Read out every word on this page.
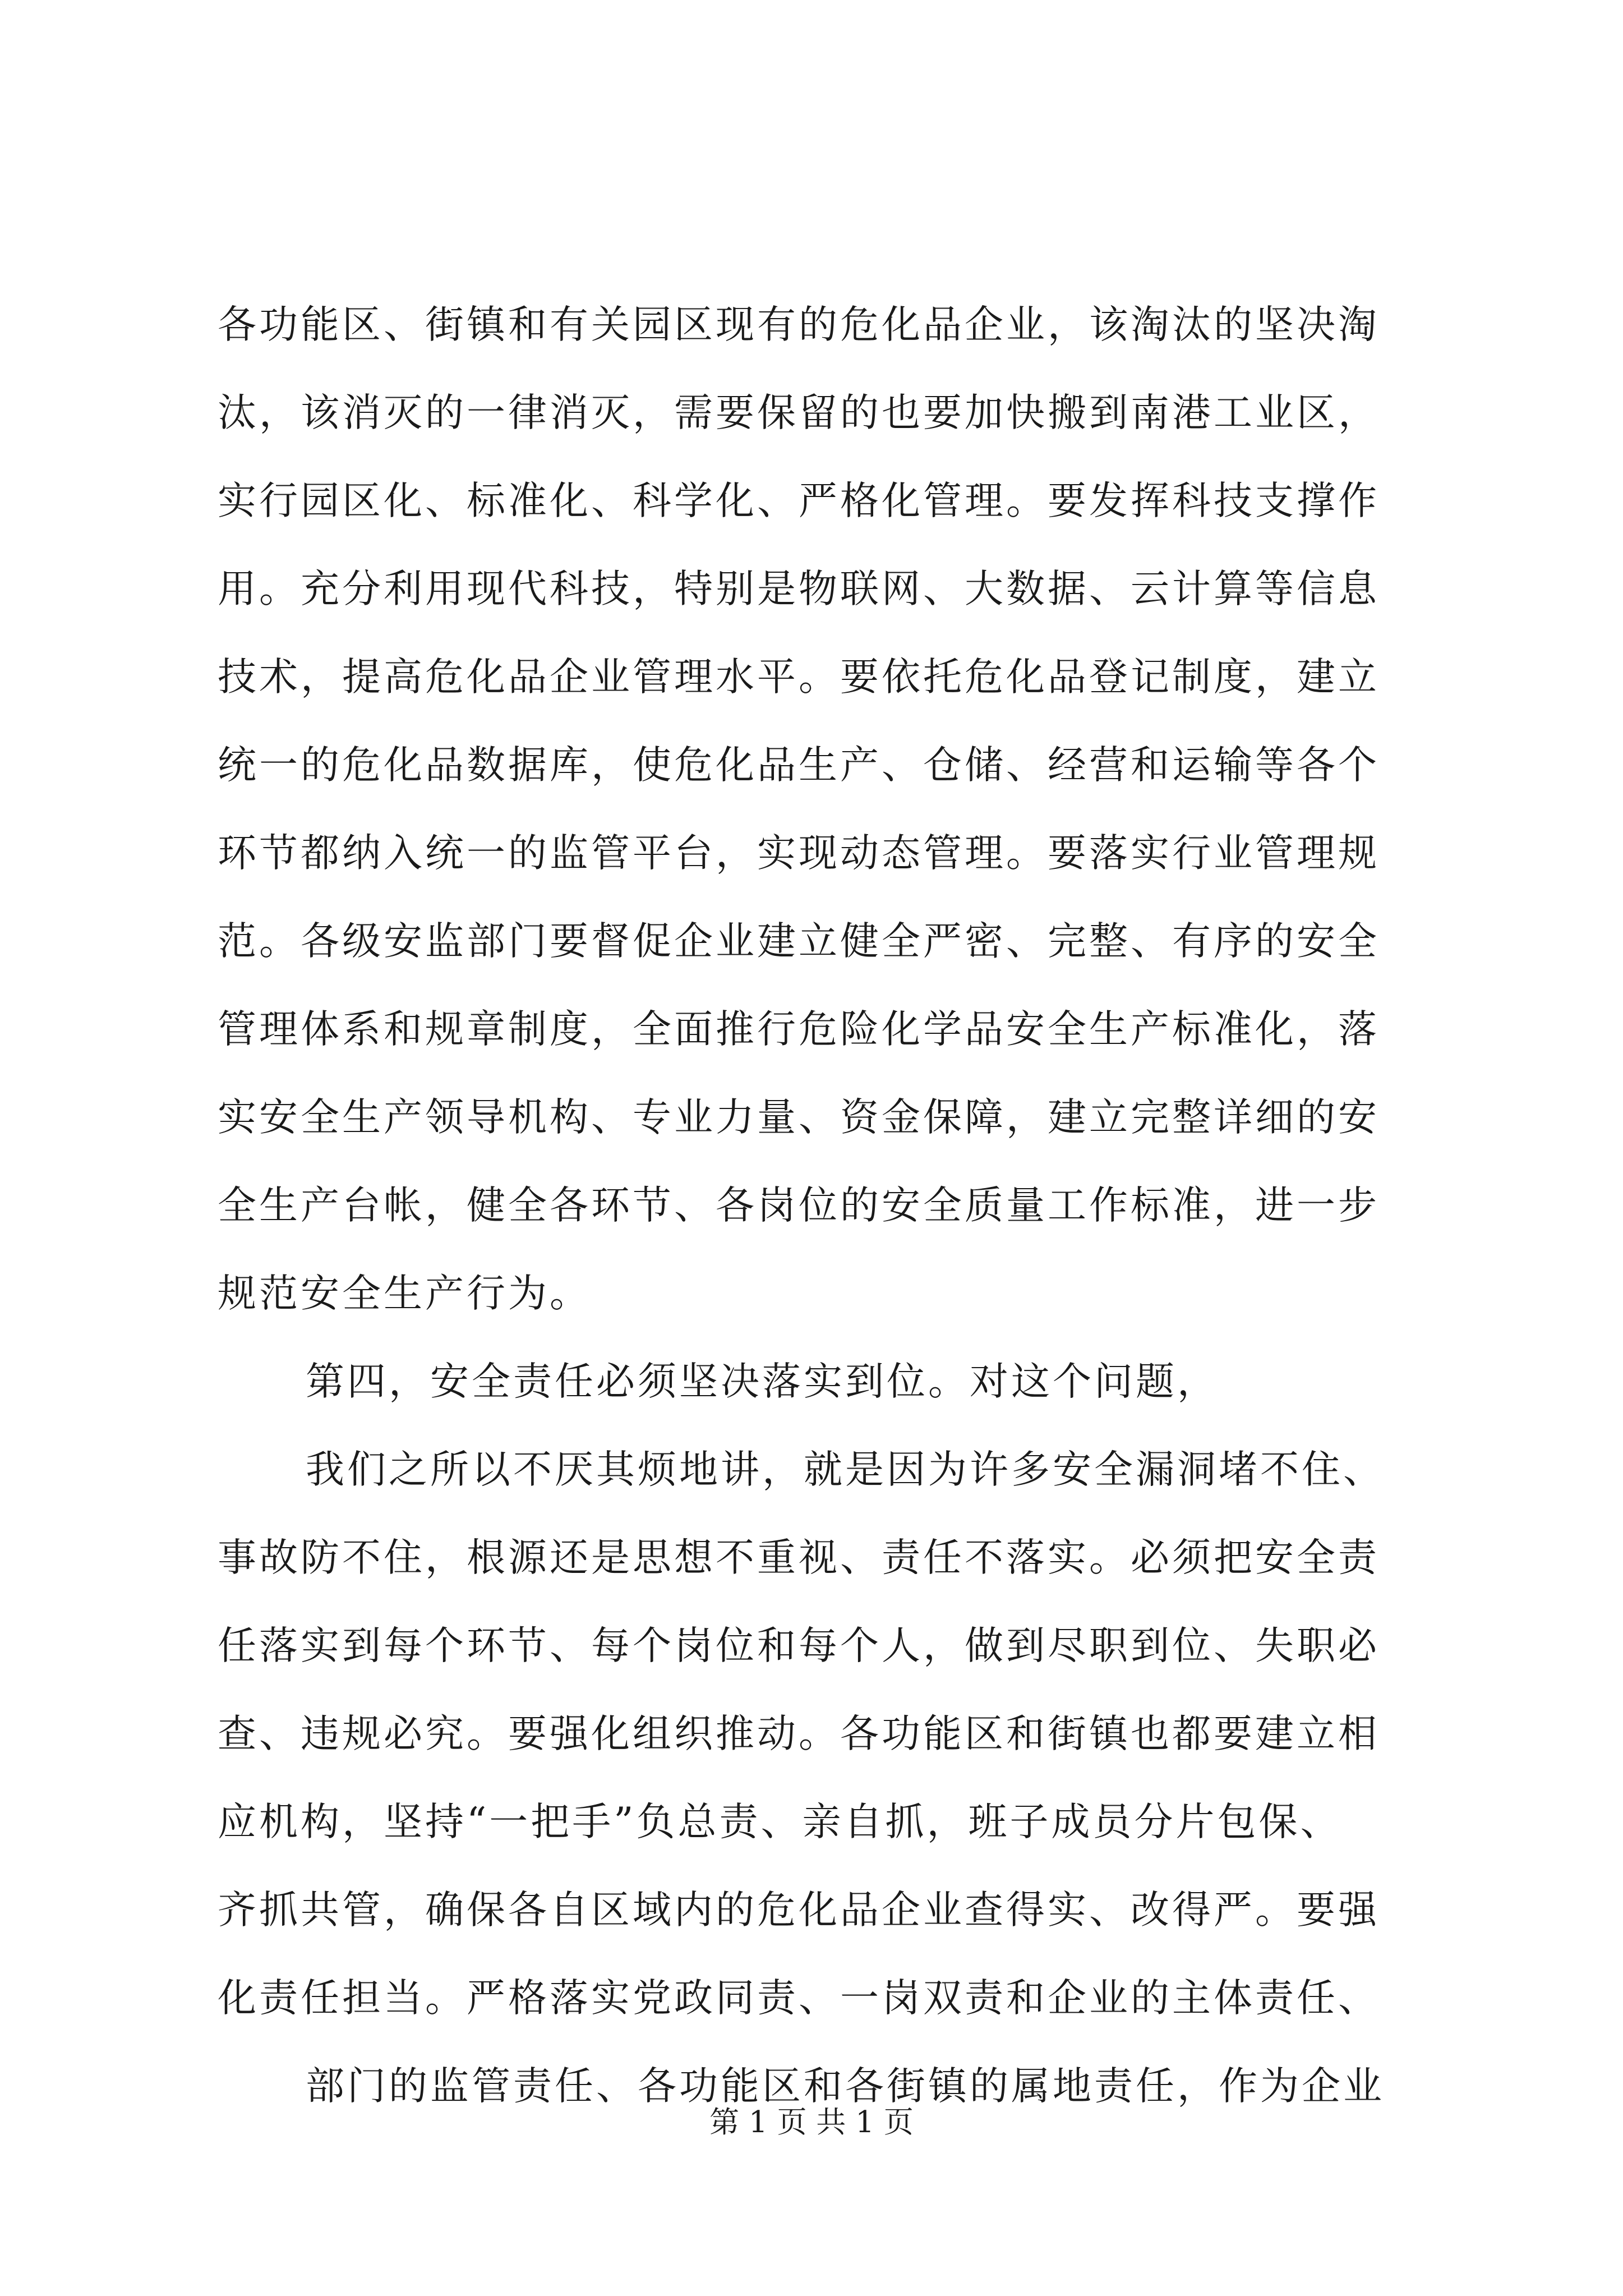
各功能区、街镇和有关园区现有的危化品企业，该淘汰的坚决淘

汰，该消灭的一律消灭，需要保留的也要加快搬到南港工业区，

实行园区化、标准化、科学化、严格化管理。要发挥科技支撑作

用。充分利用现代科技，特别是物联网、大数据、云计算等信息

技术，提高危化品企业管理水平。要依托危化品登记制度，建立

统一的危化品数据库，使危化品生产、仓储、经营和运输等各个

环节都纳入统一的监管平台，实现动态管理。要落实行业管理规

范。各级安监部门要督促企业建立健全严密、完整、有序的安全

管理体系和规章制度，全面推行危险化学品安全生产标准化，落

实安全生产领导机构、专业力量、资金保障，建立完整详细的安

全生产台帐，健全各环节、各岗位的安全质量工作标准，进一步

规范安全生产行为。

第四，安全责任必须坚决落实到位。对这个问题，

我们之所以不厌其烦地讲，就是因为许多安全漏洞堵不住、

事故防不住，根源还是思想不重视、责任不落实。必须把安全责

任落实到每个环节、每个岗位和每个人，做到尽职到位、失职必

查、违规必究。要强化组织推动。各功能区和街镇也都要建立相

应机构，坚持“一把手”负总责、亲自抓，班子成员分片包保、

齐抓共管，确保各自区域内的危化品企业查得实、改得严。要强

化责任担当。严格落实党政同责、一岗双责和企业的主体责任、

部门的监管责任、各功能区和各街镇的属地责任，作为企业

第 1 页 共 1 页
